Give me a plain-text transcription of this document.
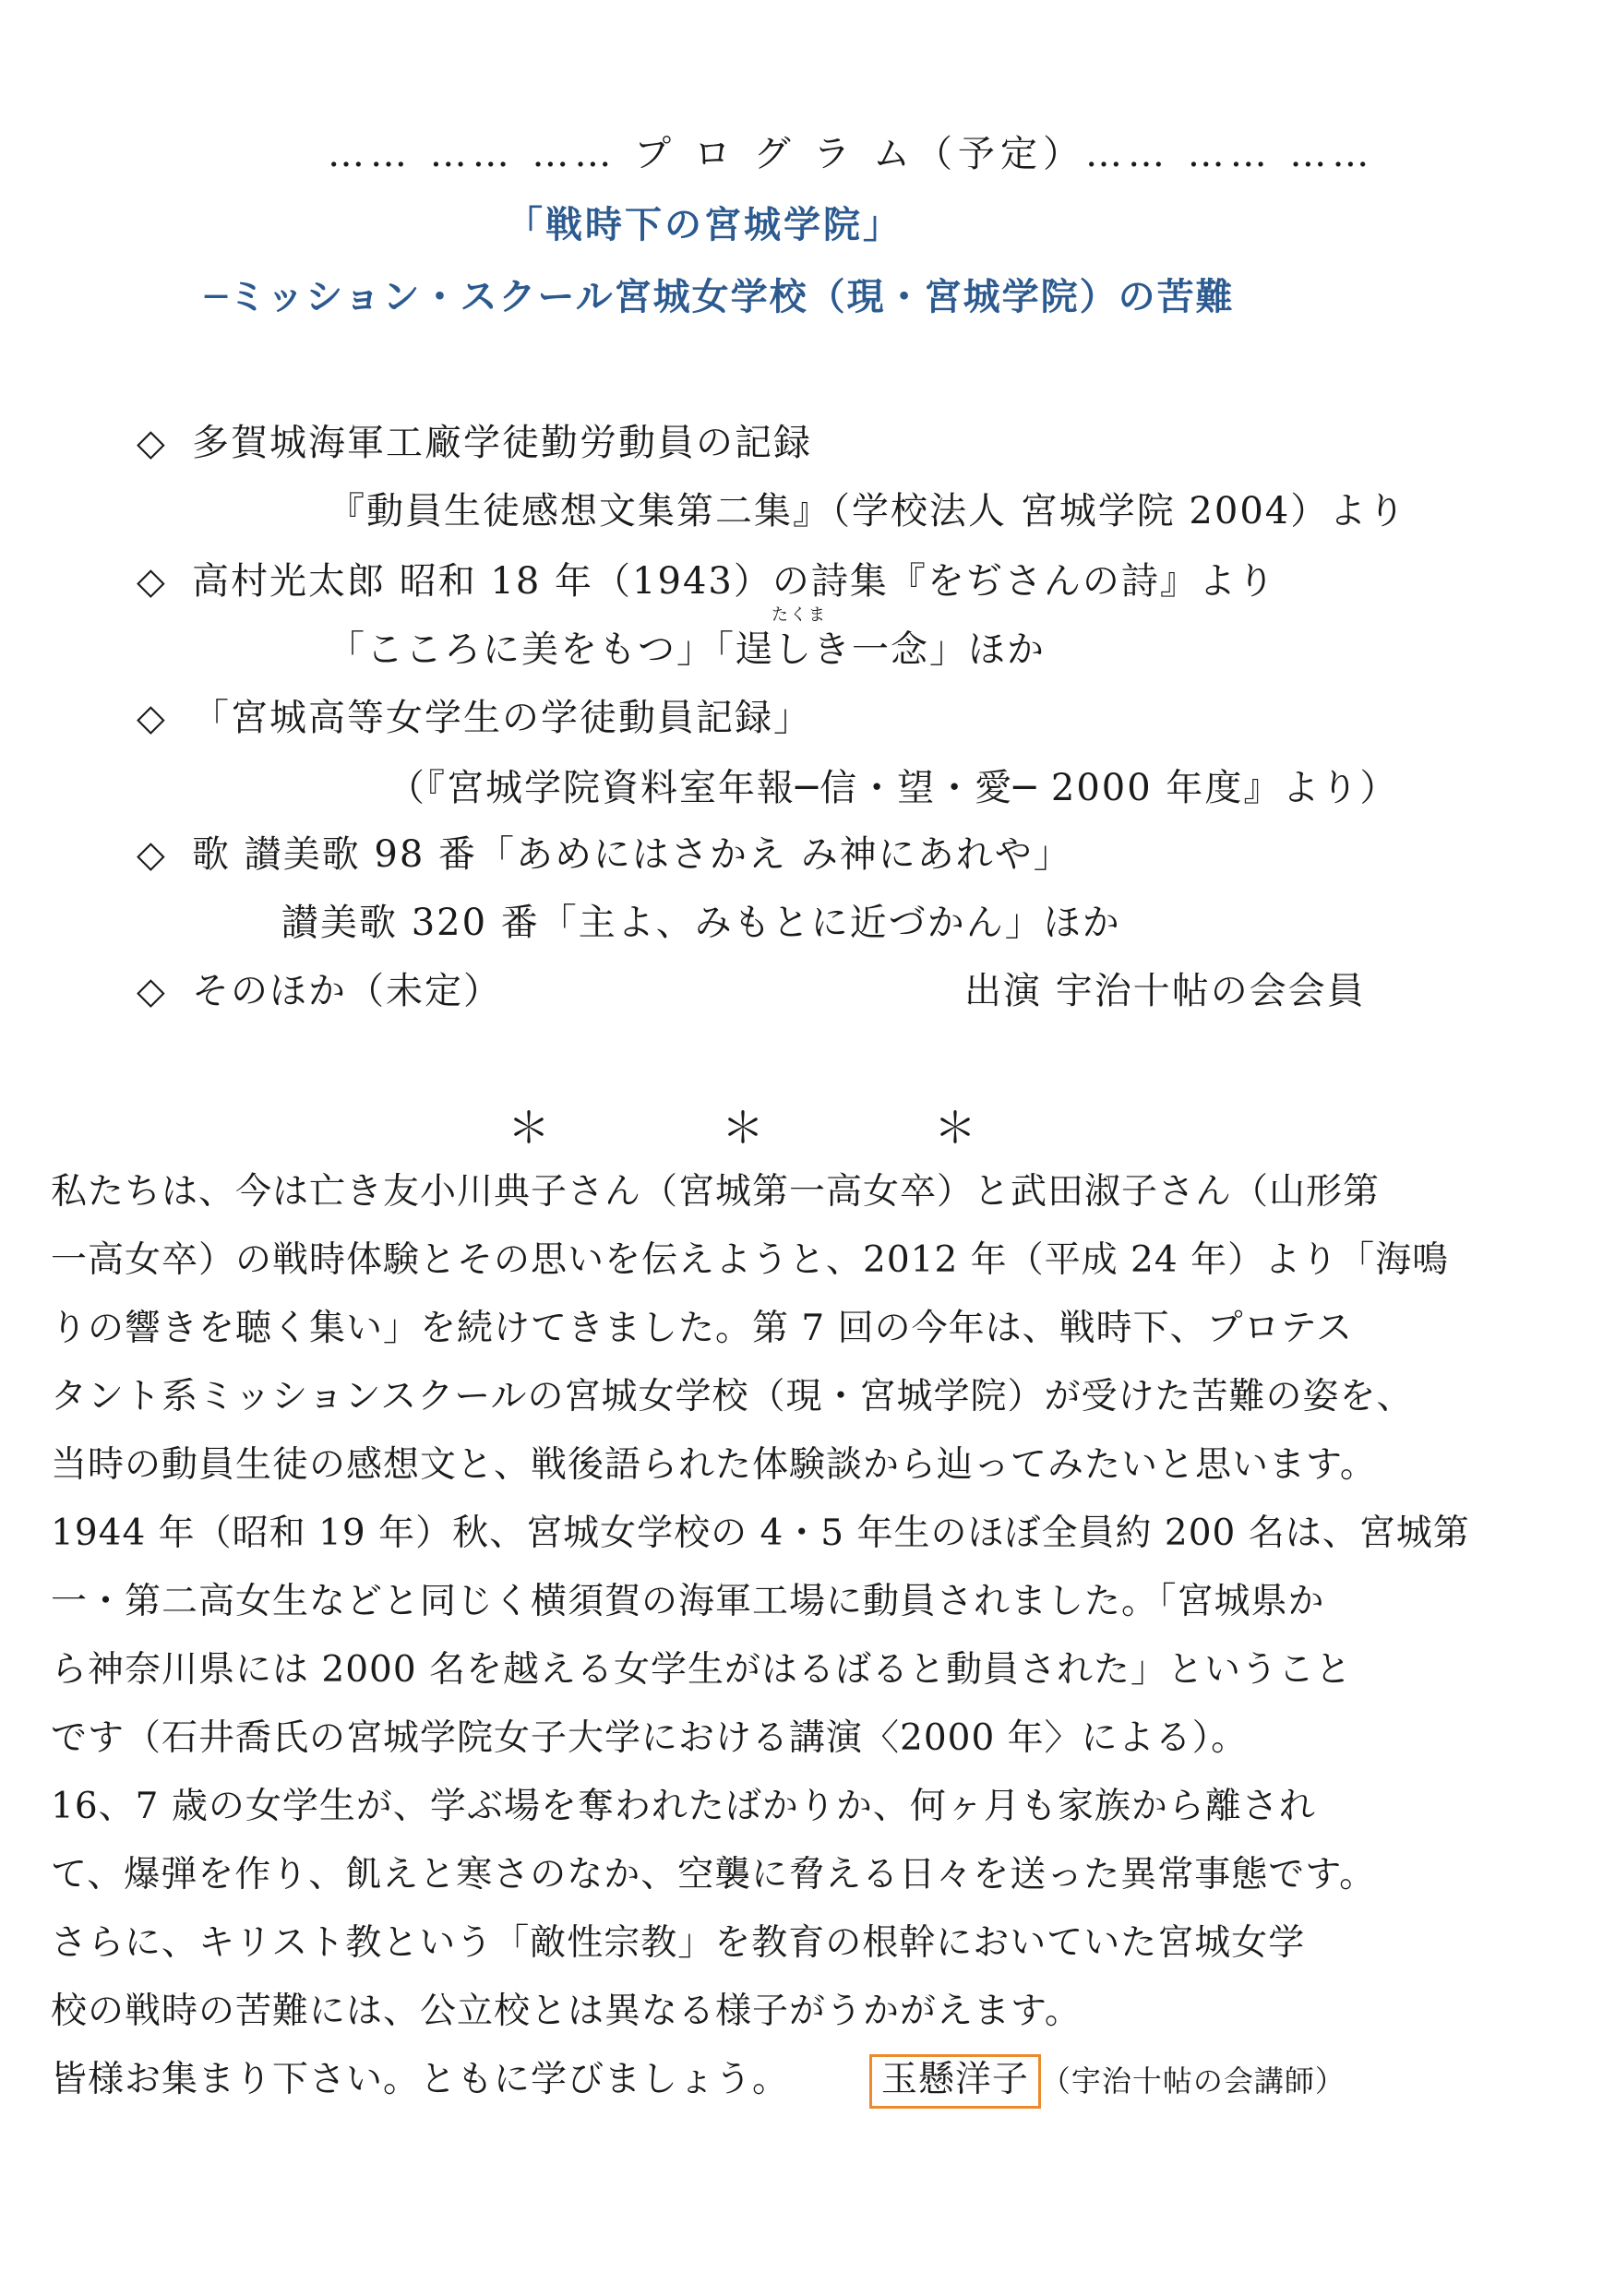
…… …… …… プ ロ グ ラ ム（予定）…… …… ……
「戦時下の宮城学院」
─ミッション・スクール宮城女学校（現・宮城学院）の苦難
◇ 多賀城海軍工廠学徒勤労動員の記録
『動員生徒感想文集第二集』（学校法人 宮城学院 2004）より
◇ 高村光太郎 昭和 18 年（1943）の詩集『をぢさんの詩』より
たくま
「こころに美をもつ」「逞しき一念」ほか
◇ 「宮城高等女学生の学徒動員記録」
（『宮城学院資料室年報─信・望・愛─ 2000 年度』より）
◇ 歌 讃美歌 98 番「あめにはさかえ み神にあれや」
讃美歌 320 番「主よ、みもとに近づかん」ほか
◇ そのほか（未定）	出演 宇治十帖の会会員
＊	＊	＊
私たちは、今は亡き友小川典子さん（宮城第一高女卒）と武田淑子さん（山形第
一高女卒）の戦時体験とその思いを伝えようと、2012 年（平成 24 年）より「海鳴
りの響きを聴く集い」を続けてきました。第 7 回の今年は、戦時下、プロテス
タント系ミッションスクールの宮城女学校（現・宮城学院）が受けた苦難の姿を、
当時の動員生徒の感想文と、戦後語られた体験談から辿ってみたいと思います。
1944 年（昭和 19 年）秋、宮城女学校の 4・5 年生のほぼ全員約 200 名は、宮城第
一・第二高女生などと同じく横須賀の海軍工場に動員されました。「宮城県か
ら神奈川県には 2000 名を越える女学生がはるばると動員された」ということ
です（石井喬氏の宮城学院女子大学における講演〈2000 年〉による）。
16、7 歳の女学生が、学ぶ場を奪われたばかりか、何ヶ月も家族から離され
て、爆弾を作り、飢えと寒さのなか、空襲に脅える日々を送った異常事態です。
さらに、キリスト教という「敵性宗教」を教育の根幹においていた宮城女学
校の戦時の苦難には、公立校とは異なる様子がうかがえます。
皆様お集まり下さい。ともに学びましょう。	玉懸洋子 （宇治十帖の会講師）
